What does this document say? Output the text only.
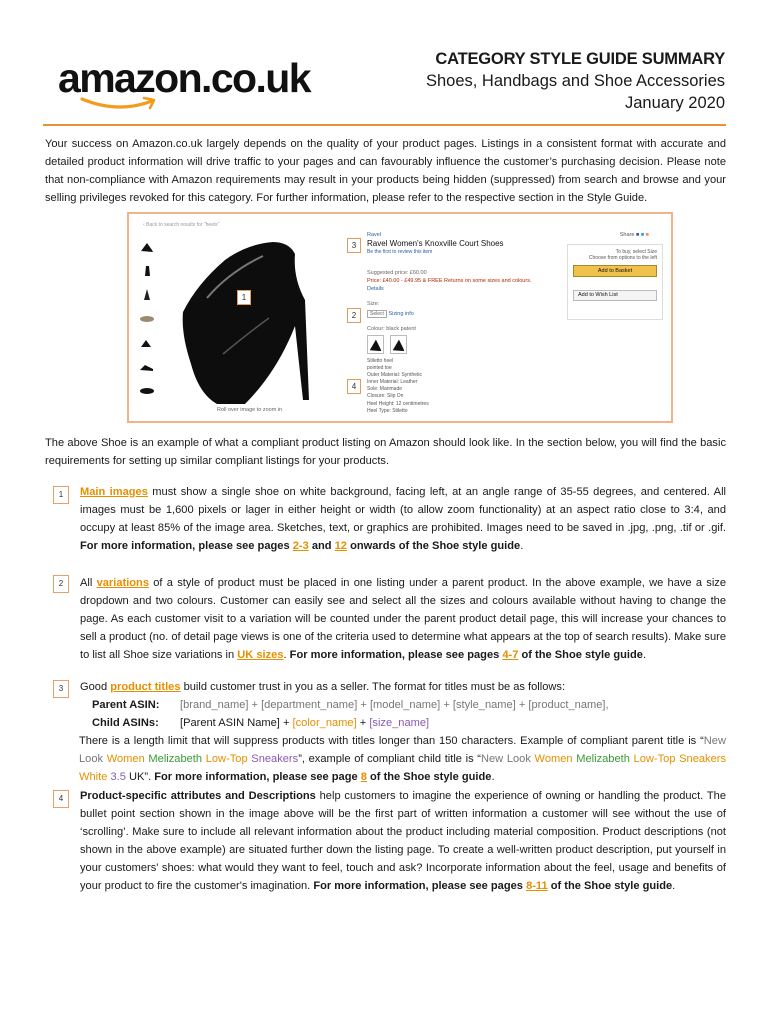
amazon.co.uk	CATEGORY STYLE GUIDE SUMMARY
Shoes, Handbags and Shoe Accessories
January 2020

Your success on Amazon.co.uk largely depends on the quality of your product pages. Listings in a consistent format with accurate and detailed product information will drive traffic to your pages and can favourably influence the customer’s purchasing decision. Please note that non-compliance with Amazon requirements may result in your products being hidden (suppressed) from search and browse and your selling privileges revoked for this category. For further information, please refer to the respective section in the Style Guide.

‹ Back to search results for "heels"

Roll over image to zoom in
Ravel
Ravel Women's Knoxville Court Shoes
Be the first to review this item
Suggested price: £60.00
Price: £40.00 - £49.95 & FREE Returns on some sizes and colours.
Details
Size:
Select Sizing info
Colour: black patent

Stiletto heel
pointed toe
Outer Material: Synthetic
Inner Material: Leather
Sole: Manmade
Closure: Slip On
Heel Height: 12 centimetres
Heel Type: Stiletto
Share ■ ■ ■
To buy, select Size
Choose from options to the left
Add to Basket
Add to Wish List
1
2
3
4

The above Shoe is an example of what a compliant product listing on Amazon should look like. In the section below, you will find the basic requirements for setting up similar compliant listings for your products.

1	Main images must show a single shoe on white background, facing left, at an angle range of 35-55 degrees, and centered. All images must be 1,600 pixels or lager in either height or width (to allow zoom functionality) at an aspect ratio close to 3:4, and occupy at least 85% of the image area. Sketches, text, or graphics are prohibited. Images need to be saved in .jpg, .png, .tif or .gif. For more information, please see pages 2-3 and 12 onwards of the Shoe style guide.

2	All variations of a style of product must be placed in one listing under a parent product. In the above example, we have a size dropdown and two colours. Customer can easily see and select all the sizes and colours available without having to change the page. As each customer visit to a variation will be counted under the parent product detail page, this will increase your chances to sell a product (no. of detail page views is one of the criteria used to determine what appears at the top of search results). Make sure to list all Shoe size variations in UK sizes. For more information, please see pages 4-7 of the Shoe style guide.

3	Good product titles build customer trust in you as a seller. The format for titles must be as follows:
Parent ASIN:	[brand_name] + [department_name] + [model_name] + [style_name] + [product_name],
Child ASINs:	[Parent ASIN Name] + [color_name] + [size_name]
There is a length limit that will suppress products with titles longer than 150 characters. Example of compliant parent title is “New Look Women Melizabeth Low-Top Sneakers”, example of compliant child title is “New Look Women Melizabeth Low-Top Sneakers White 3.5 UK”. For more information, please see page 8 of the Shoe style guide.
4	Product-specific attributes and Descriptions help customers to imagine the experience of owning or handling the product. The bullet point section shown in the image above will be the first part of written information a customer will see without the use of ‘scrolling’. Make sure to include all relevant information about the product including material composition. Product descriptions (not shown in the above example) are situated further down the listing page. To create a well-written product description, put yourself in your customers' shoes: what would they want to feel, touch and ask? Incorporate information about the feel, usage and benefits of your product to fire the customer's imagination. For more information, please see pages 8-11 of the Shoe style guide.
